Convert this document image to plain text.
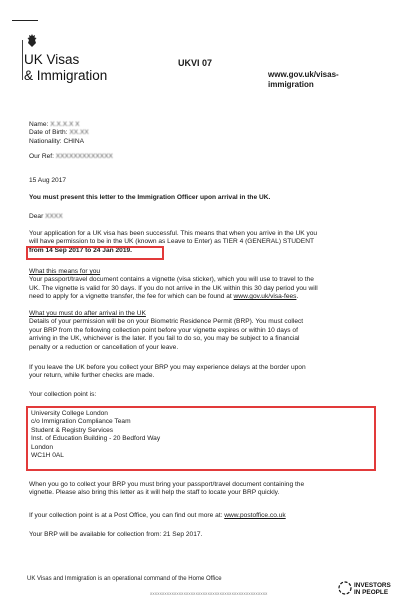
UK Visas
& Immigration
UKVI 07
www.gov.uk/visas-
immigration
Name: X.X.X.X X
Date of Birth: XX.XX
Nationality: CHINA
Our Ref: XXXXXXXXXXXXX
15 Aug 2017
You must present this letter to the Immigration Officer upon arrival in the UK.
Dear XXXX
Your application for a UK visa has been successful. This means that when you arrive in the UK you
will have permission to be in the UK (known as Leave to Enter) as TIER 4 (GENERAL) STUDENT
from 14 Sep 2017 to 24 Jan 2019.
What this means for you
Your passport/travel document contains a vignette (visa sticker), which you will use to travel to the
UK. The vignette is valid for 30 days. If you do not arrive in the UK within this 30 day period you will
need to apply for a vignette transfer, the fee for which can be found at www.gov.uk/visa-fees.
What you must do after arrival in the UK
Details of your permission will be on your Biometric Residence Permit (BRP). You must collect
your BRP from the following collection point before your vignette expires or within 10 days of
arriving in the UK, whichever is the later. If you fail to do so, you may be subject to a financial
penalty or a reduction or cancellation of your leave.
If you leave the UK before you collect your BRP you may experience delays at the border upon
your return, while further checks are made.
Your collection point is:
University College London
c/o Immigration Compliance Team
Student & Registry Services
Inst. of Education Building - 20 Bedford Way
London
WC1H 0AL
When you go to collect your BRP you must bring your passport/travel document containing the
vignette. Please also bring this letter as it will help the staff to locate your BRP quickly.
If your collection point is at a Post Office, you can find out more at: www.postoffice.co.uk
Your BRP will be available for collection from: 21 Sep 2017.
UK Visas and Immigration is an operational command of the Home Office
XXXXXXXXXXXXXXXXXXXXXXXXXXXXXXXXXXXXXXXXXXXXXXXXX
INVESTORS
IN PEOPLE
